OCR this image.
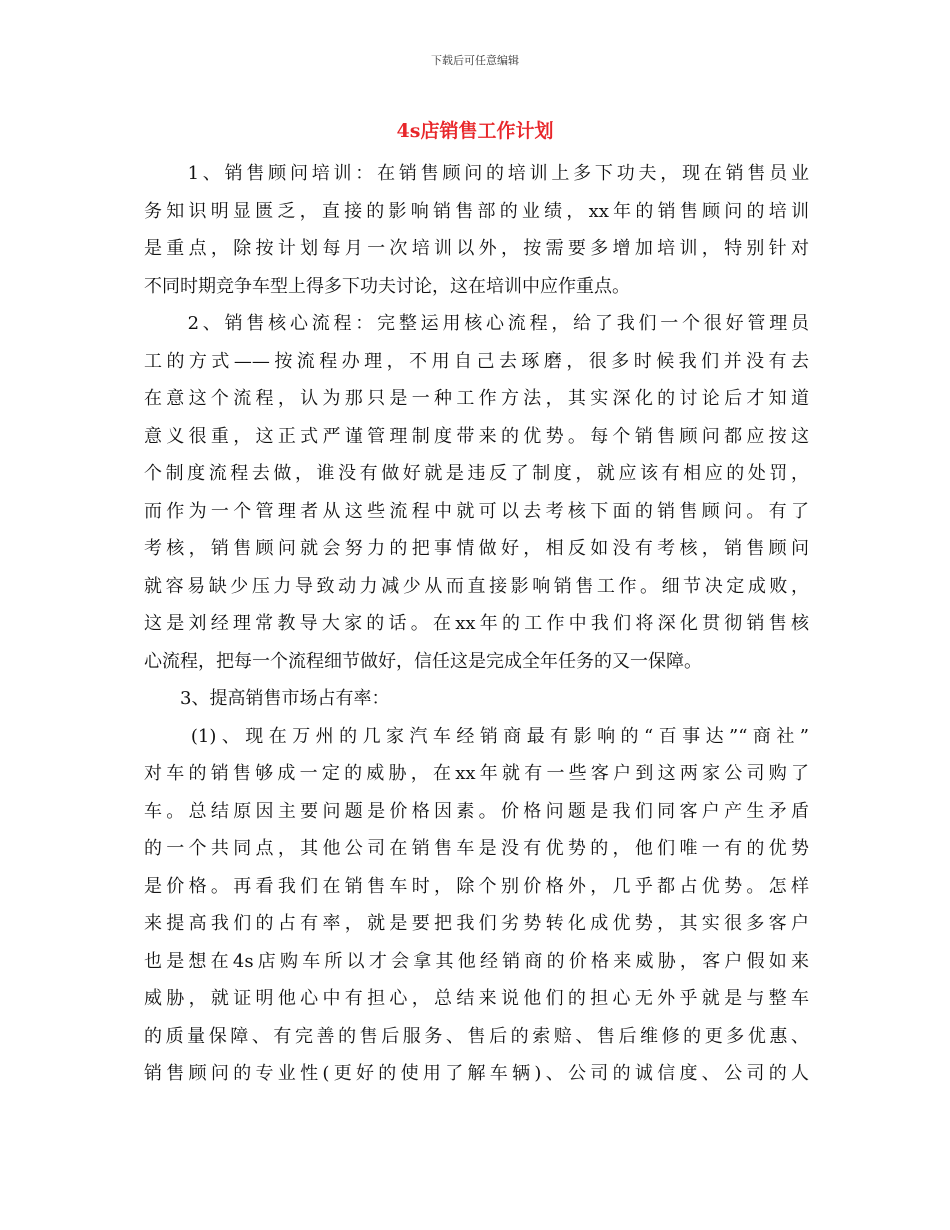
下载后可任意编辑
4s店销售工作计划
　　1、销售顾问培训：在销售顾问的培训上多下功夫，现在销售员业
务知识明显匮乏，直接的影响销售部的业绩，xx年的销售顾问的培训
是重点，除按计划每月一次培训以外，按需要多增加培训，特别针对
不同时期竞争车型上得多下功夫讨论，这在培训中应作重点。
　　2、销售核心流程：完整运用核心流程，给了我们一个很好管理员
工的方式——按流程办理，不用自己去琢磨，很多时候我们并没有去
在意这个流程，认为那只是一种工作方法，其实深化的讨论后才知道
意义很重，这正式严谨管理制度带来的优势。每个销售顾问都应按这
个制度流程去做，谁没有做好就是违反了制度，就应该有相应的处罚，
而作为一个管理者从这些流程中就可以去考核下面的销售顾问。有了
考核，销售顾问就会努力的把事情做好，相反如没有考核，销售顾问
就容易缺少压力导致动力减少从而直接影响销售工作。细节决定成败，
这是刘经理常教导大家的话。在xx年的工作中我们将深化贯彻销售核
心流程，把每一个流程细节做好，信任这是完成全年任务的又一保障。
　　3、提高销售市场占有率：
　　(1)、现在万州的几家汽车经销商最有影响的“百事达”“商社”
对车的销售够成一定的威胁，在xx年就有一些客户到这两家公司购了
车。总结原因主要问题是价格因素。价格问题是我们同客户产生矛盾
的一个共同点，其他公司在销售车是没有优势的，他们唯一有的优势
是价格。再看我们在销售车时，除个别价格外，几乎都占优势。怎样
来提高我们的占有率，就是要把我们劣势转化成优势，其实很多客户
也是想在4s店购车所以才会拿其他经销商的价格来威胁，客户假如来
威胁，就证明他心中有担心，总结来说他们的担心无外乎就是与整车
的质量保障、有完善的售后服务、售后的索赔、售后维修的更多优惠、
销售顾问的专业性(更好的使用了解车辆)、公司的诚信度、公司的人
